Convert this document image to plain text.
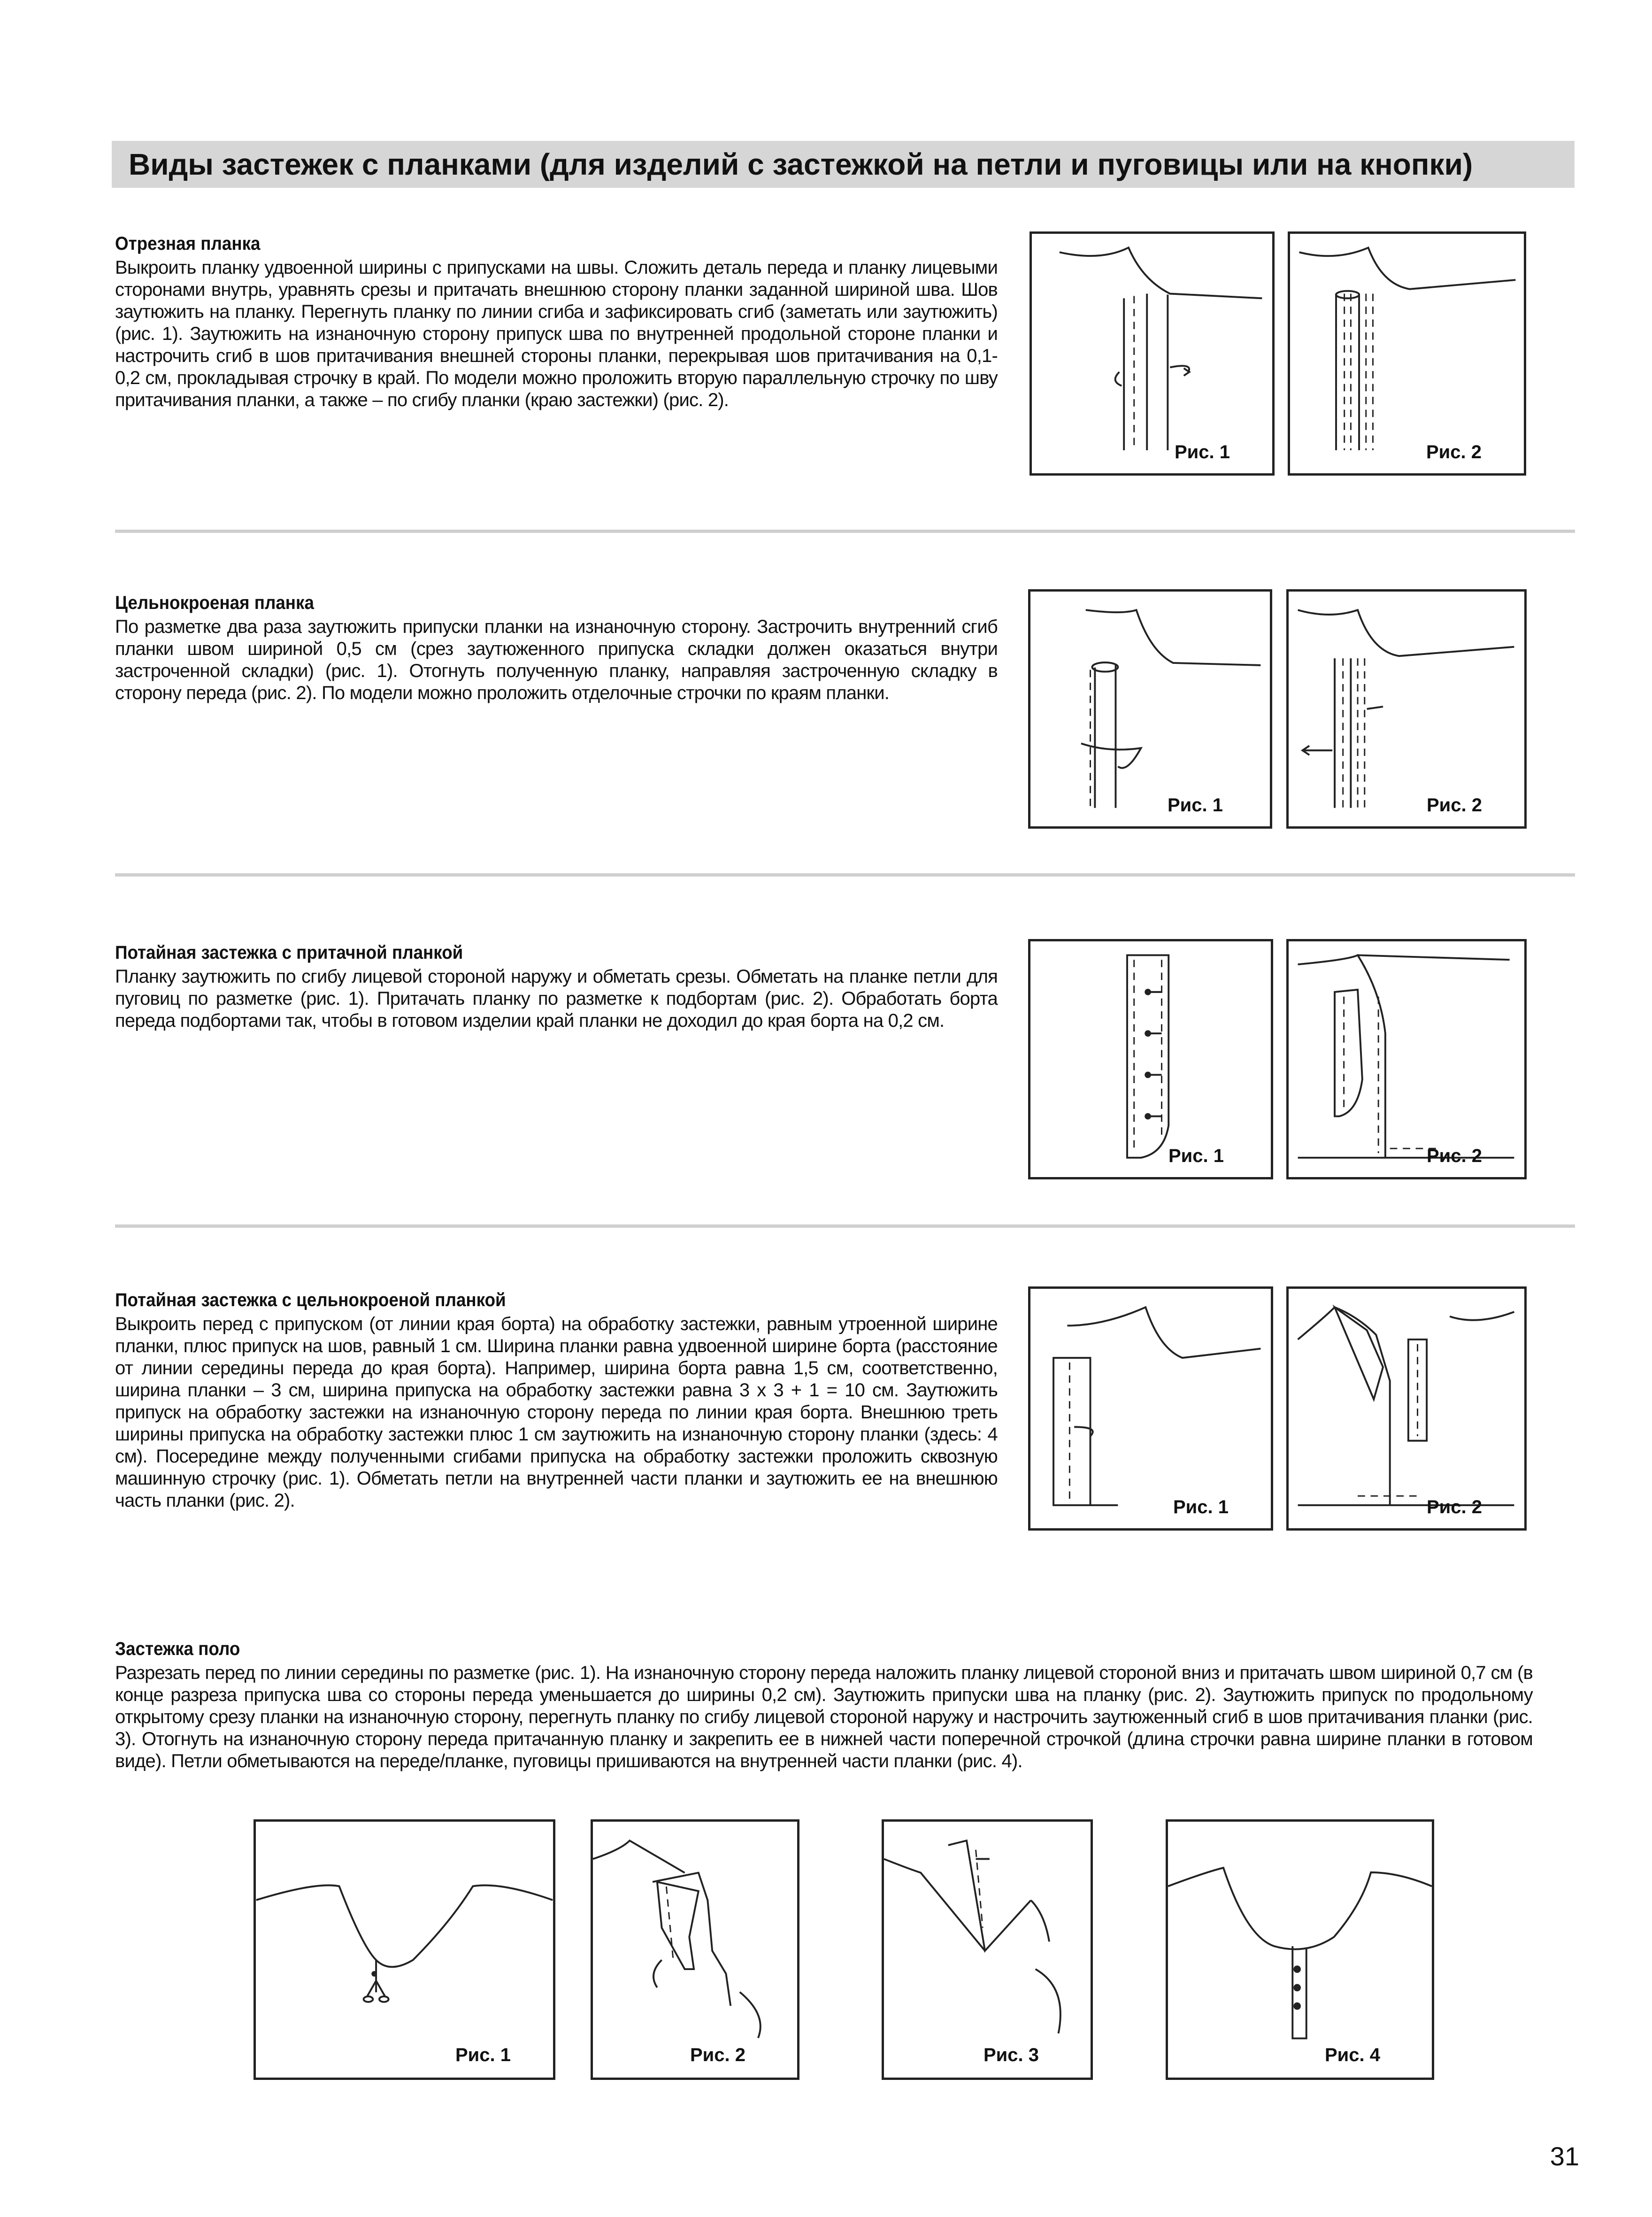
Виды застежек с планками (для изделий с застежкой на петли и пуговицы или на кнопки)
Отрезная планка

Выкроить планку удвоенной ширины с припусками на швы. Сложить деталь переда и планку лицевыми сторонами внутрь, уравнять срезы и притачать внешнюю сторону планки заданной шириной шва. Шов заутюжить на планку. Перегнуть планку по линии сгиба и зафиксировать сгиб (заметать или заутюжить) (рис. 1). Заутюжить на изнаночную сторону припуск шва по внутренней продольной стороне планки и настрочить сгиб в шов притачивания внешней стороны планки, перекрывая шов притачивания на 0,1-0,2 см, прокладывая строчку в край. По модели можно проложить вторую параллельную строчку по шву притачивания планки, а также – по сгибу планки (краю застежки) (рис. 2).

Рис. 1	Рис. 2
Цельнокроеная планка

По разметке два раза заутюжить припуски планки на изнаночную сторону. Застрочить внутренний сгиб планки швом шириной 0,5 см (срез заутюженного припуска складки должен оказаться внутри застроченной складки) (рис. 1). Отогнуть полученную планку, направляя застроченную складку в сторону переда (рис. 2). По модели можно проложить отделочные строчки по краям планки.

Рис. 1	Рис. 2
Потайная застежка с притачной планкой

Планку заутюжить по сгибу лицевой стороной наружу и обметать срезы. Обметать на планке петли для пуговиц по разметке (рис. 1). Притачать планку по разметке к подбортам (рис. 2). Обработать борта переда подбортами так, чтобы в готовом изделии край планки не доходил до края борта на 0,2 см.

Рис. 1	Рис. 2
Потайная застежка с цельнокроеной планкой

Выкроить перед с припуском (от линии края борта) на обработку застежки, равным утроенной ширине планки, плюс припуск на шов, равный 1 см. Ширина планки равна удвоенной ширине борта (расстояние от линии середины переда до края борта). Например, ширина борта равна 1,5 см, соответственно, ширина планки – 3 см, ширина припуска на обработку застежки равна 3 х 3 + 1 = 10 см. Заутюжить припуск на обработку застежки на изнаночную сторону переда по линии края борта. Внешнюю треть ширины припуска на обработку застежки плюс 1 см заутюжить на изнаночную сторону планки (здесь: 4 см). Посередине между полученными сгибами припуска на обработку застежки проложить сквозную машинную строчку (рис. 1). Обметать петли на внутренней части планки и заутюжить ее на внешнюю часть планки (рис. 2).	Рис. 1	Рис. 2
Застежка поло

Разрезать перед по линии середины по разметке (рис. 1). На изнаночную сторону переда наложить планку лицевой стороной вниз и притачать швом шириной 0,7 см (в конце разреза припуска шва со стороны переда уменьшается до ширины 0,2 см). Заутюжить припуски шва на планку (рис. 2). Заутюжить припуск по продольному открытому срезу планки на изнаночную сторону, перегнуть планку по сгибу лицевой стороной наружу и настрочить заутюженный сгиб в шов притачивания планки (рис. 3). Отогнуть на изнаночную сторону переда притачанную планку и закрепить ее в нижней части поперечной строчкой (длина строчки равна ширине планки в готовом виде). Петли обметываются на переде/планке, пуговицы пришиваются на внутренней части планки (рис. 4).

Рис. 1	Рис. 2	Рис. 3	Рис. 4
31
